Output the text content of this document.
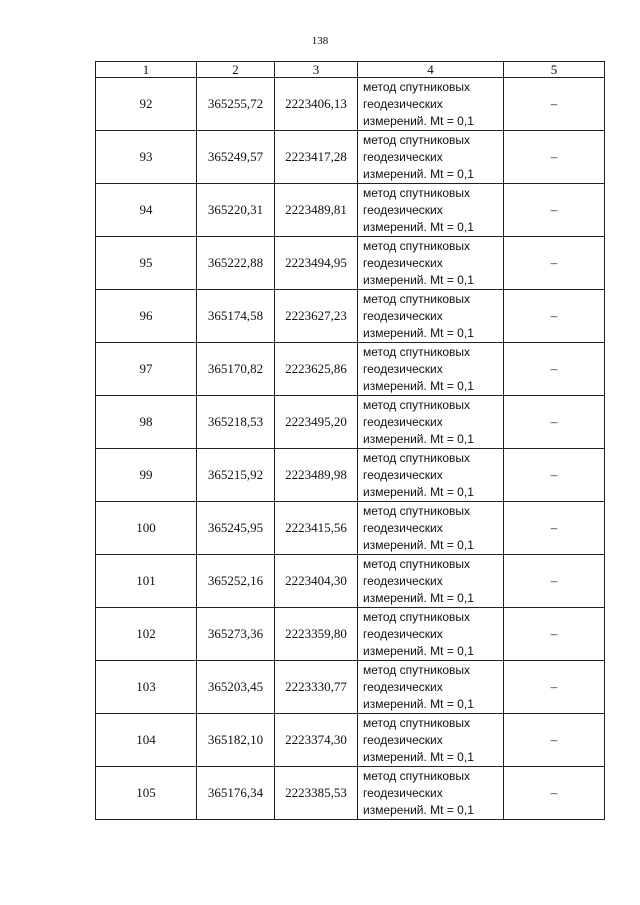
138
1	2	3	4	5
92	365255,72	2223406,13	метод спутниковых
геодезических
измерений. Mt = 0,1	–
93	365249,57	2223417,28	метод спутниковых
геодезических
измерений. Mt = 0,1	–
94	365220,31	2223489,81	метод спутниковых
геодезических
измерений. Mt = 0,1	–
95	365222,88	2223494,95	метод спутниковых
геодезических
измерений. Mt = 0,1	–
96	365174,58	2223627,23	метод спутниковых
геодезических
измерений. Mt = 0,1	–
97	365170,82	2223625,86	метод спутниковых
геодезических
измерений. Mt = 0,1	–
98	365218,53	2223495,20	метод спутниковых
геодезических
измерений. Mt = 0,1	–
99	365215,92	2223489,98	метод спутниковых
геодезических
измерений. Mt = 0,1	–
100	365245,95	2223415,56	метод спутниковых
геодезических
измерений. Mt = 0,1	–
101	365252,16	2223404,30	метод спутниковых
геодезических
измерений. Mt = 0,1	–
102	365273,36	2223359,80	метод спутниковых
геодезических
измерений. Mt = 0,1	–
103	365203,45	2223330,77	метод спутниковых
геодезических
измерений. Mt = 0,1	–
104	365182,10	2223374,30	метод спутниковых
геодезических
измерений. Mt = 0,1	–
105	365176,34	2223385,53	метод спутниковых
геодезических
измерений. Mt = 0,1	–
